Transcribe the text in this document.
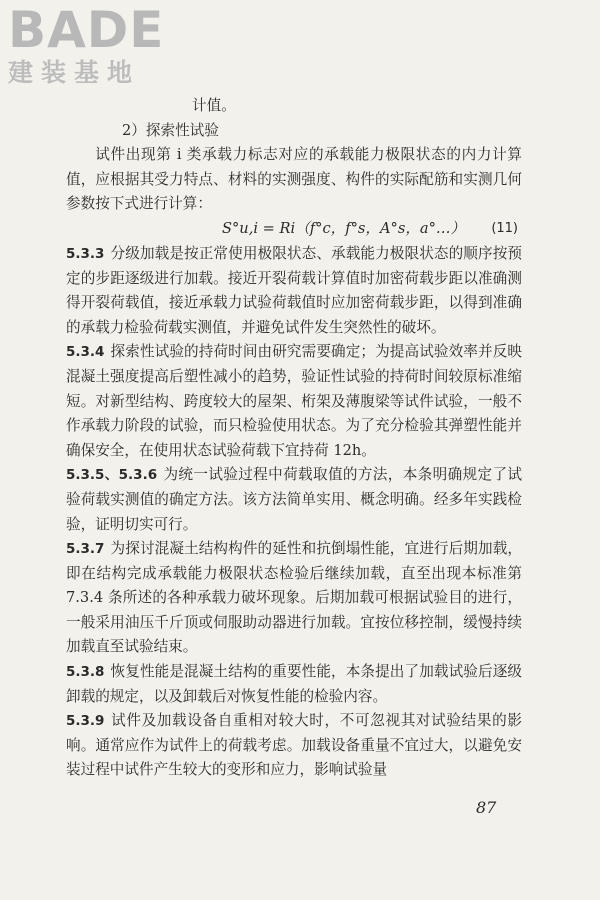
BADE
建装基地

计值。

2）探索性试验

试件出现第 i 类承载力标志对应的承载能力极限状态的内力计算值，应根据其受力特点、材料的实测强度、构件的实际配筋和实测几何参数按下式进行计算：

S°u,i = Ri（f°c，f°s，A°s，a°…） (11)

5.3.3 分级加载是按正常使用极限状态、承载能力极限状态的顺序按预定的步距逐级进行加载。接近开裂荷载计算值时加密荷载步距以准确测得开裂荷载值，接近承载力试验荷载值时应加密荷载步距，以得到准确的承载力检验荷载实测值，并避免试件发生突然性的破坏。

5.3.4 探索性试验的持荷时间由研究需要确定；为提高试验效率并反映混凝土强度提高后塑性减小的趋势，验证性试验的持荷时间较原标准缩短。对新型结构、跨度较大的屋架、桁架及薄腹梁等试件试验，一般不作承载力阶段的试验，而只检验使用状态。为了充分检验其弹塑性能并确保安全，在使用状态试验荷载下宜持荷 12h。

5.3.5、5.3.6 为统一试验过程中荷载取值的方法，本条明确规定了试验荷载实测值的确定方法。该方法简单实用、概念明确。经多年实践检验，证明切实可行。

5.3.7 为探讨混凝土结构构件的延性和抗倒塌性能，宜进行后期加载，即在结构完成承载能力极限状态检验后继续加载，直至出现本标准第 7.3.4 条所述的各种承载力破坏现象。后期加载可根据试验目的进行，一般采用油压千斤顶或伺服助动器进行加载。宜按位移控制，缓慢持续加载直至试验结束。

5.3.8 恢复性能是混凝土结构的重要性能，本条提出了加载试验后逐级卸载的规定，以及卸载后对恢复性能的检验内容。

5.3.9 试件及加载设备自重相对较大时，不可忽视其对试验结果的影响。通常应作为试件上的荷载考虑。加载设备重量不宜过大，以避免安装过程中试件产生较大的变形和应力，影响试验量

87
